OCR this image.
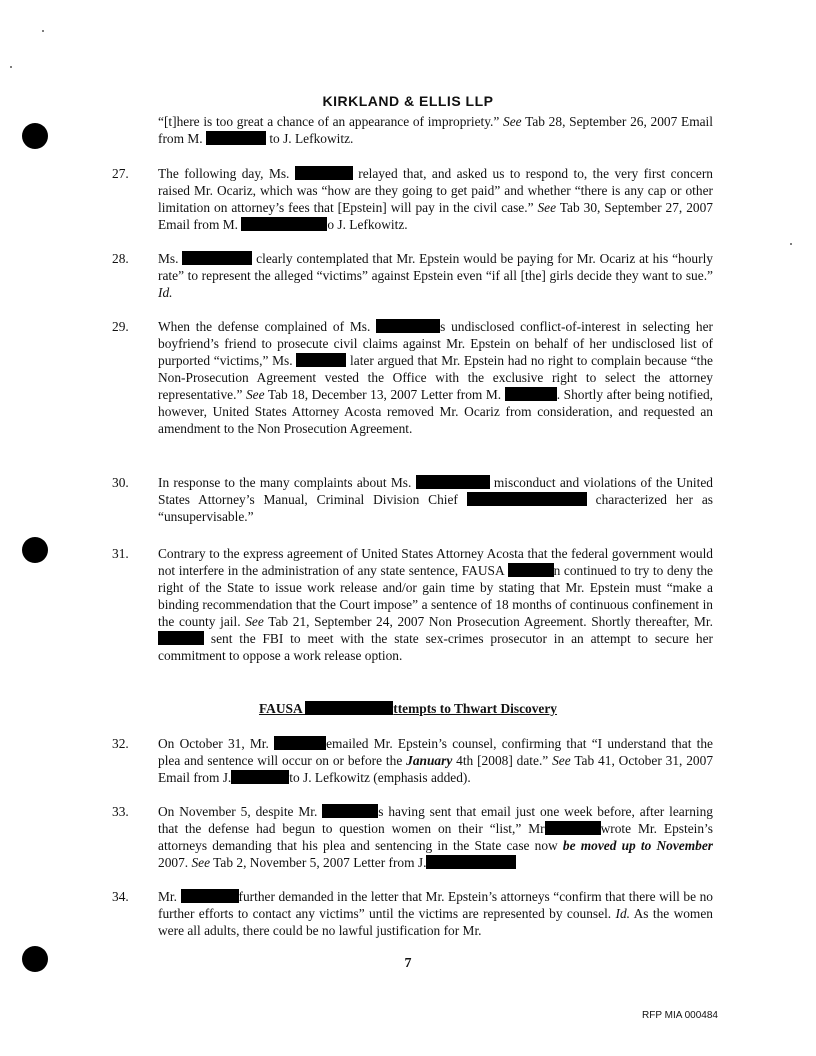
KIRKLAND & ELLIS LLP
“[t]here is too great a chance of an appearance of impropriety.” See Tab 28, September 26, 2007 Email from M.	to J. Lefkowitz.
27.	The following day, Ms.	relayed that, and asked us to respond to, the very first concern raised Mr. Ocariz, which was “how are they going to get paid” and whether “there is any cap or other limitation on attorney’s fees that [Epstein] will pay in the civil case.” See Tab 30, September 27, 2007 Email from M.	o J. Lefkowitz.
28.	Ms.	clearly contemplated that Mr. Epstein would be paying for Mr. Ocariz at his “hourly rate” to represent the alleged “victims” against Epstein even “if all [the] girls decide they want to sue.” Id.
29.	When the defense complained of Ms.	s undisclosed conflict-of-interest in selecting her boyfriend’s friend to prosecute civil claims against Mr. Epstein on behalf of her undisclosed list of purported “victims,” Ms.	later argued that Mr. Epstein had no right to complain because “the Non-Prosecution Agreement vested the Office with the exclusive right to select the attorney representative.” See Tab 18, December 13, 2007 Letter from M.	. Shortly after being notified, however, United States Attorney Acosta removed Mr. Ocariz from consideration, and requested an amendment to the Non Prosecution Agreement.
30.	In response to the many complaints about Ms.	misconduct and violations of the United States Attorney’s Manual, Criminal Division Chief	characterized her as “unsupervisable.”
31.	Contrary to the express agreement of United States Attorney Acosta that the federal government would not interfere in the administration of any state sentence, FAUSA	n continued to try to deny the right of the State to issue work release and/or gain time by stating that Mr. Epstein must “make a binding recommendation that the Court impose” a sentence of 18 months of continuous confinement in the county jail. See Tab 21, September 24, 2007 Non Prosecution Agreement. Shortly thereafter, Mr.  sent the FBI to meet with the state sex-crimes prosecutor in an attempt to secure her commitment to oppose a work release option.
FAUSA	ttempts to Thwart Discovery
32.	On October 31, Mr.	emailed Mr. Epstein’s counsel, confirming that “I understand that the plea and sentence will occur on or before the January 4th [2008] date.” See Tab 41, October 31, 2007 Email from J.	to J. Lefkowitz (emphasis added).
33.	On November 5, despite Mr.	s having sent that email just one week before, after learning that the defense had begun to question women on their “list,” Mr	wrote Mr. Epstein’s attorneys demanding that his plea and sentencing in the State case now be moved up to November 2007. See Tab 2, November 5, 2007 Letter from J.
34.	Mr.	further demanded in the letter that Mr. Epstein’s attorneys “confirm that there will be no further efforts to contact any victims” until the victims are represented by counsel. Id. As the women were all adults, there could be no lawful justification for Mr.
7
RFP MIA 000484
